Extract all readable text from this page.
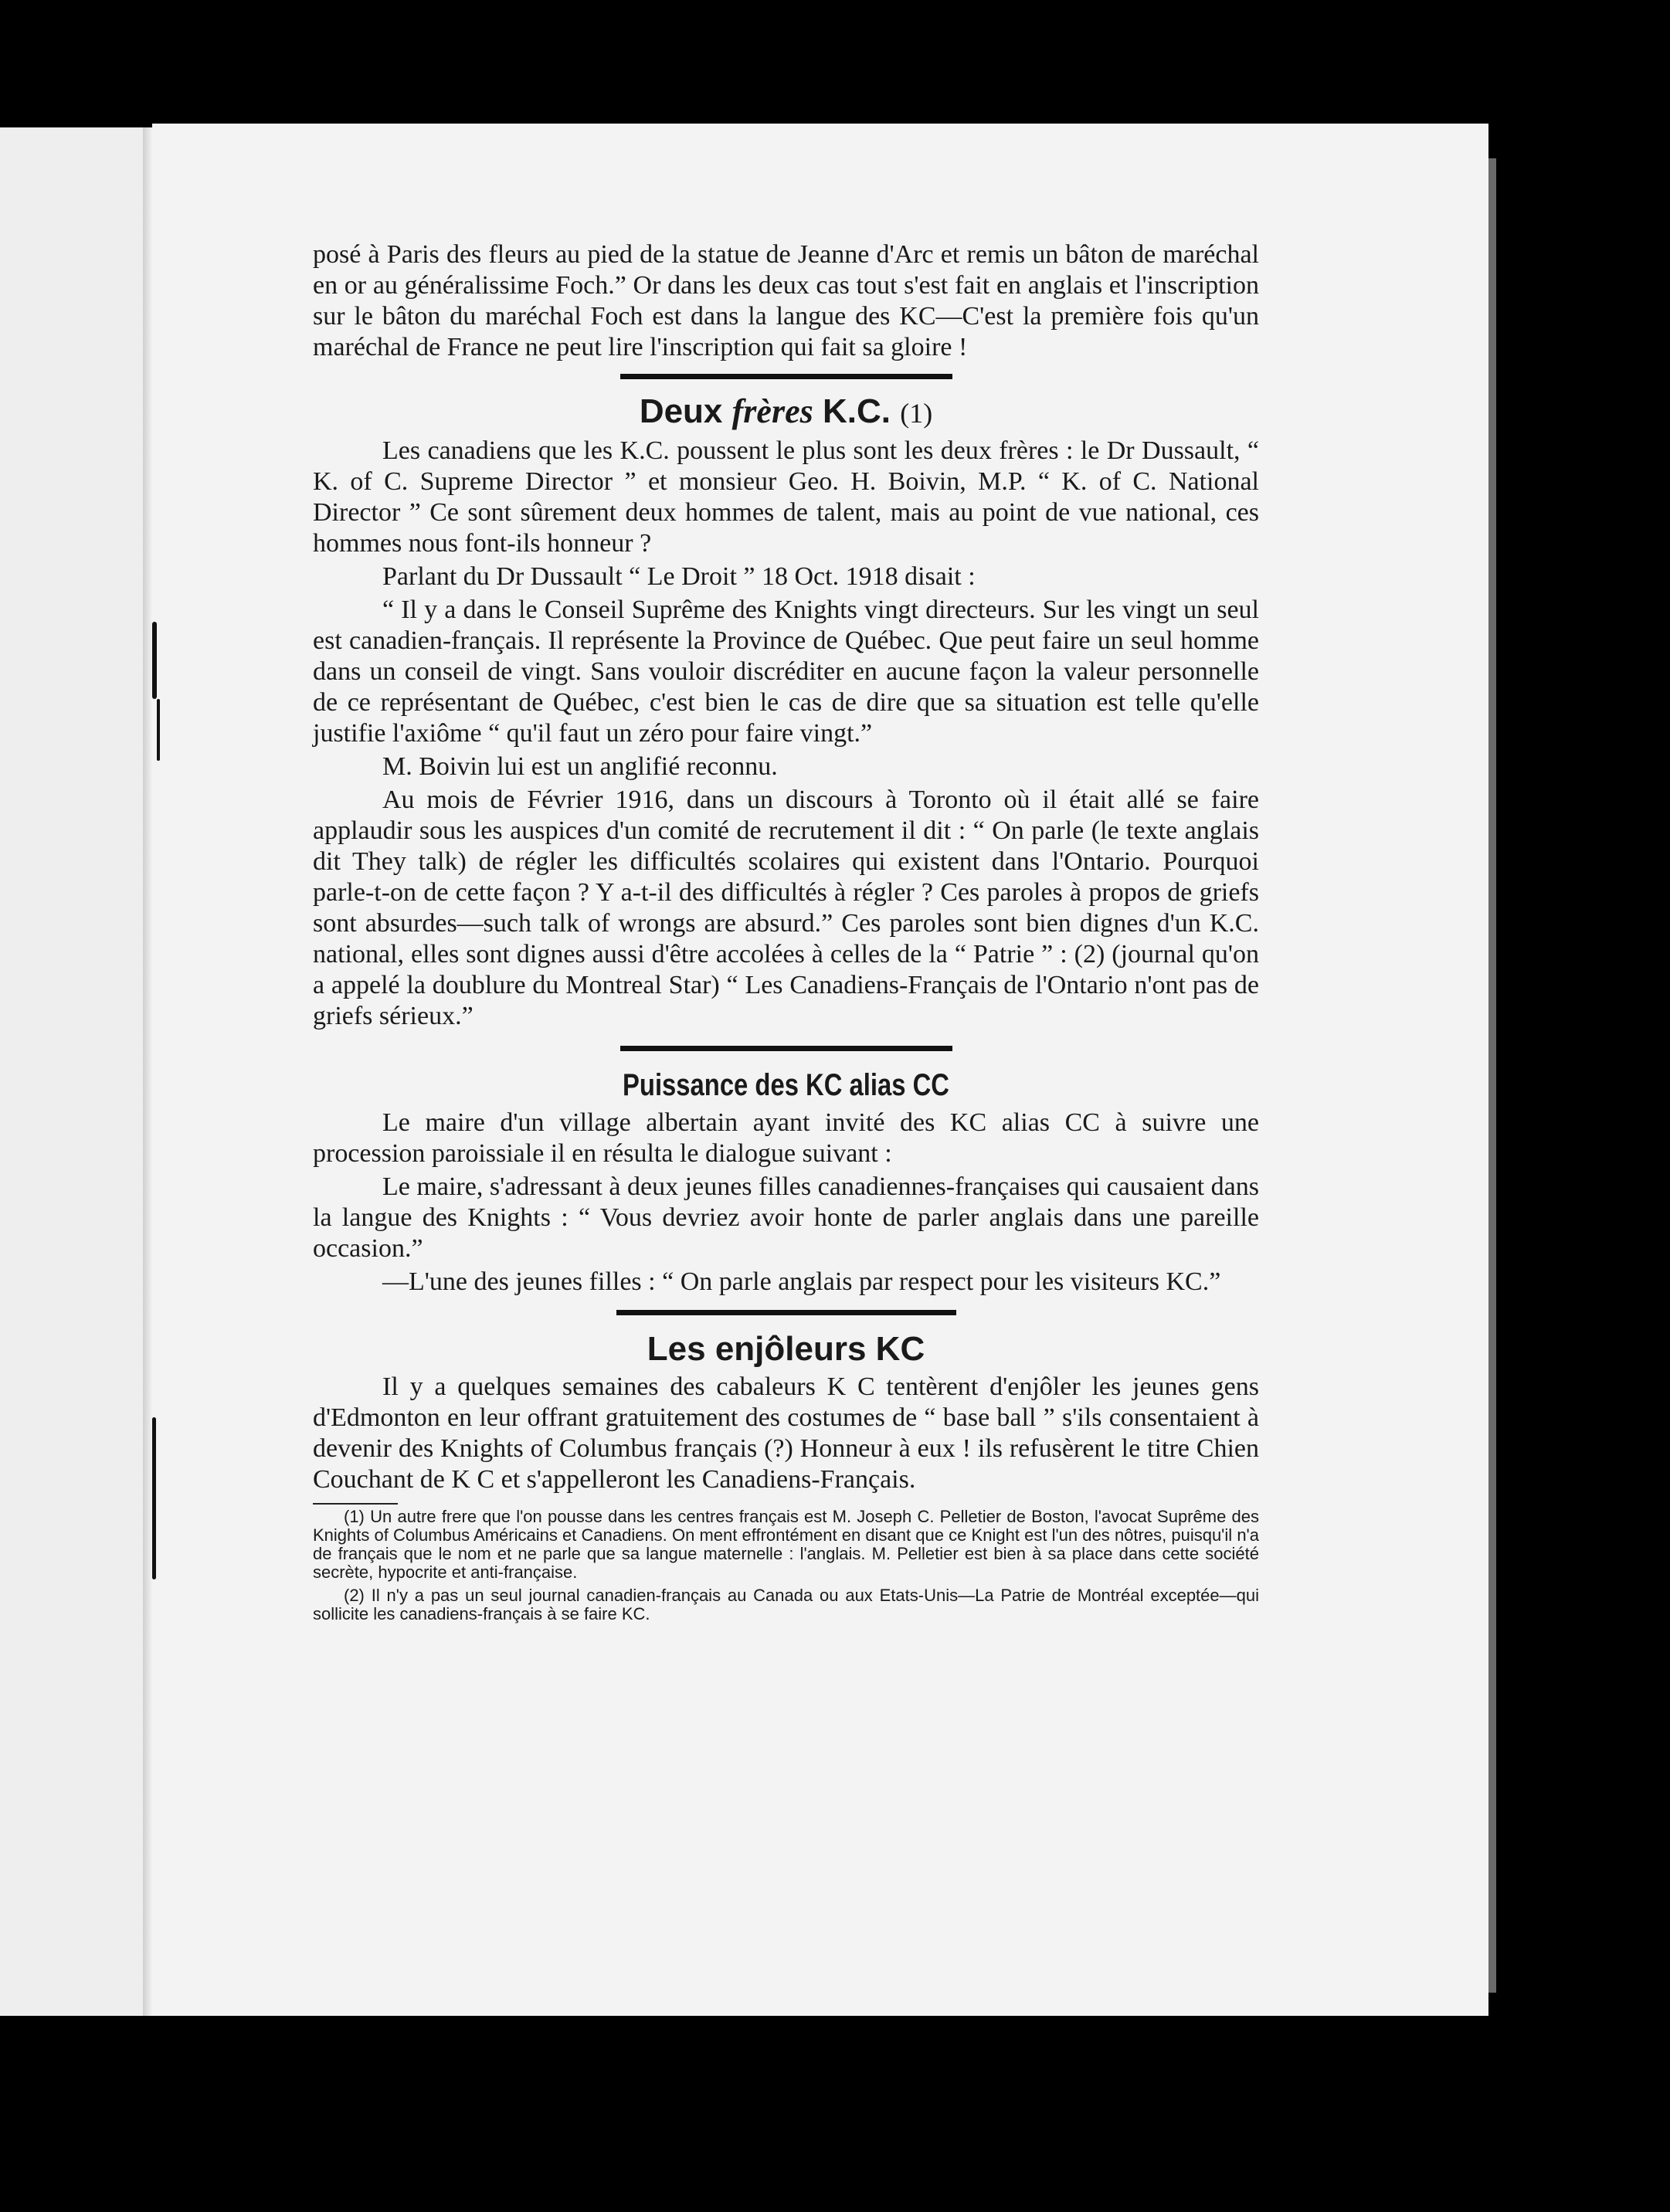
posé à Paris des fleurs au pied de la statue de Jeanne d'Arc et remis un bâton de maréchal en or au généralissime Foch.” Or dans les deux cas tout s'est fait en anglais et l'inscription sur le bâton du maréchal Foch est dans la langue des KC—C'est la première fois qu'un maréchal de France ne peut lire l'inscription qui fait sa gloire !

Deux frères K.C. (1)

Les canadiens que les K.C. poussent le plus sont les deux frères : le Dr Dussault, “ K. of C. Supreme Director ” et monsieur Geo. H. Boivin, M.P. “ K. of C. National Director ” Ce sont sûrement deux hommes de talent, mais au point de vue national, ces hommes nous font-ils honneur ?

Parlant du Dr Dussault “ Le Droit ” 18 Oct. 1918 disait :

“ Il y a dans le Conseil Suprême des Knights vingt directeurs. Sur les vingt un seul est canadien-français. Il représente la Province de Québec. Que peut faire un seul homme dans un conseil de vingt. Sans vouloir discréditer en aucune façon la valeur personnelle de ce représentant de Québec, c'est bien le cas de dire que sa situation est telle qu'elle justifie l'axiôme “ qu'il faut un zéro pour faire vingt.”

M. Boivin lui est un anglifié reconnu.

Au mois de Février 1916, dans un discours à Toronto où il était allé se faire applaudir sous les auspices d'un comité de recrutement il dit : “ On parle (le texte anglais dit They talk) de régler les difficultés scolaires qui existent dans l'Ontario. Pourquoi parle-t-on de cette façon ? Y a-t-il des difficultés à régler ? Ces paroles à propos de griefs sont absurdes—such talk of wrongs are absurd.” Ces paroles sont bien dignes d'un K.C. national, elles sont dignes aussi d'être accolées à celles de la “ Patrie ” : (2) (journal qu'on a appelé la doublure du Montreal Star) “ Les Canadiens-Français de l'Ontario n'ont pas de griefs sérieux.”

Puissance des KC alias CC

Le maire d'un village albertain ayant invité des KC alias CC à suivre une procession paroissiale il en résulta le dialogue suivant :

Le maire, s'adressant à deux jeunes filles canadiennes-françaises qui causaient dans la langue des Knights : “ Vous devriez avoir honte de parler anglais dans une pareille occasion.”

—L'une des jeunes filles : “ On parle anglais par respect pour les visiteurs KC.”

Les enjôleurs KC

Il y a quelques semaines des cabaleurs K C tentèrent d'enjôler les jeunes gens d'Edmonton en leur offrant gratuitement des costumes de “ base ball ” s'ils consentaient à devenir des Knights of Columbus français (?) Honneur à eux ! ils refusèrent le titre Chien Couchant de K C et s'appelleront les Canadiens-Français.

(1) Un autre frere que l'on pousse dans les centres français est M. Joseph C. Pelletier de Boston, l'avocat Suprême des Knights of Columbus Américains et Canadiens. On ment effrontément en disant que ce Knight est l'un des nôtres, puisqu'il n'a de français que le nom et ne parle que sa langue maternelle : l'anglais. M. Pelletier est bien à sa place dans cette société secrète, hypocrite et anti-française.

(2) Il n'y a pas un seul journal canadien-français au Canada ou aux Etats-Unis—La Patrie de Montréal exceptée—qui sollicite les canadiens-français à se faire KC.
